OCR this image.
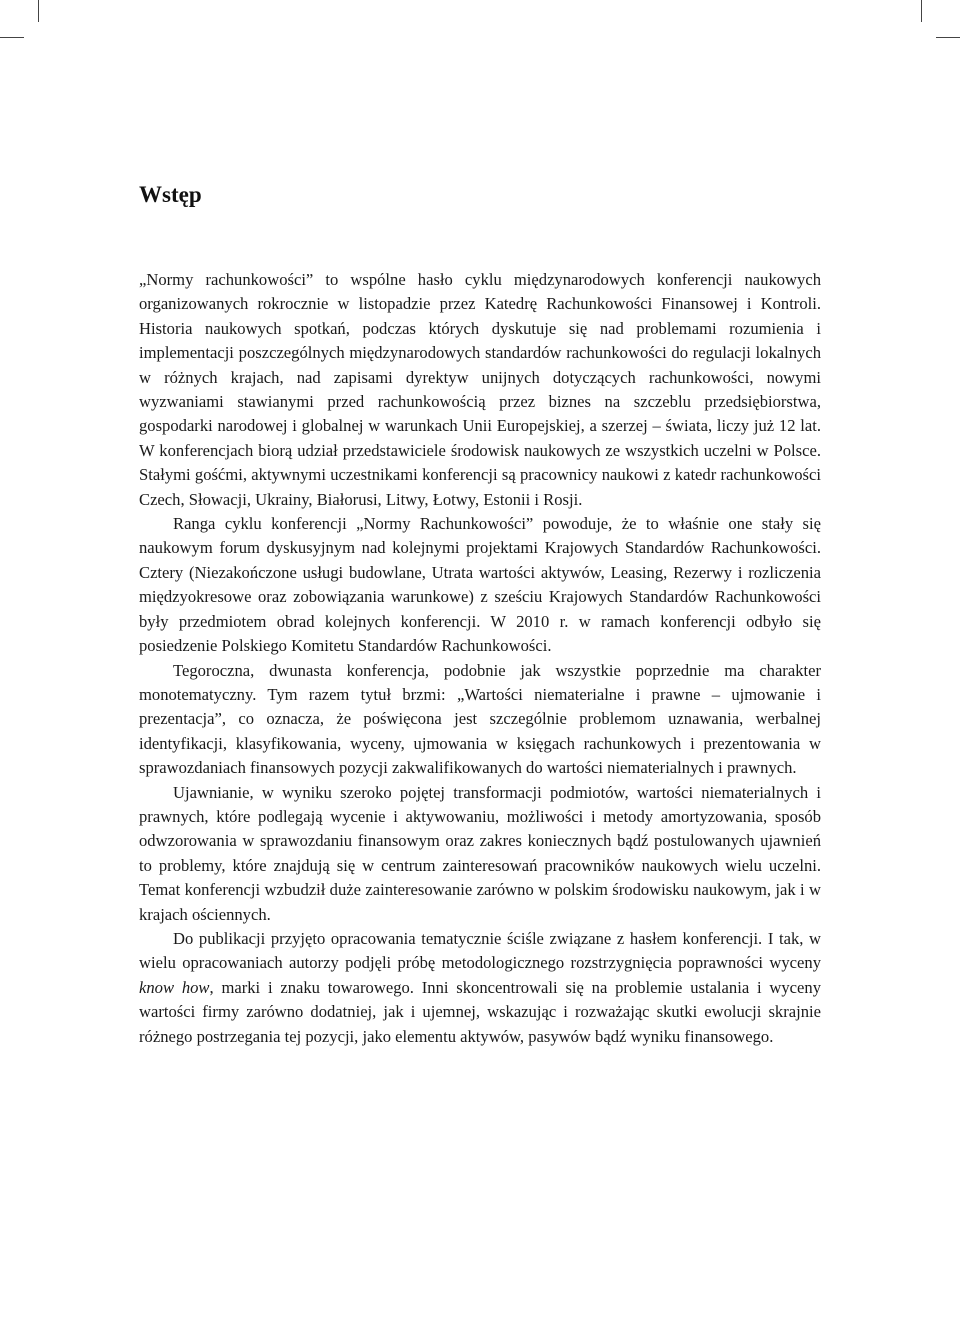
Wstęp

„Normy rachunkowości” to wspólne hasło cyklu międzynarodowych konferencji naukowych organizowanych rokrocznie w listopadzie przez Katedrę Rachunkowości Finansowej i Kontroli. Historia naukowych spotkań, podczas których dyskutuje się nad problemami rozumienia i implementacji poszczególnych międzynarodowych standardów rachunkowości do regulacji lokalnych w różnych krajach, nad zapisami dyrektyw unijnych dotyczących rachunkowości, nowymi wyzwaniami stawianymi przed rachunkowością przez biznes na szczeblu przedsiębiorstwa, gospodarki narodowej i globalnej w warunkach Unii Europejskiej, a szerzej – świata, liczy już 12 lat. W konferencjach biorą udział przedstawiciele środowisk naukowych ze wszystkich uczelni w Polsce. Stałymi gośćmi, aktywnymi uczestnikami konferencji są pracownicy naukowi z katedr rachunkowości Czech, Słowacji, Ukrainy, Białorusi, Litwy, Łotwy, Estonii i Rosji.

Ranga cyklu konferencji „Normy Rachunkowości” powoduje, że to właśnie one stały się naukowym forum dyskusyjnym nad kolejnymi projektami Krajowych Standardów Rachunkowości. Cztery (Niezakończone usługi budowlane, Utrata wartości aktywów, Leasing, Rezerwy i rozliczenia międzyokresowe oraz zobowiązania warunkowe) z sześciu Krajowych Standardów Rachunkowości były przedmiotem obrad kolejnych konferencji. W 2010 r. w ramach konferencji odbyło się posiedzenie Polskiego Komitetu Standardów Rachunkowości.

Tegoroczna, dwunasta konferencja, podobnie jak wszystkie poprzednie ma charakter monotematyczny. Tym razem tytuł brzmi: „Wartości niematerialne i prawne – ujmowanie i prezentacja”, co oznacza, że poświęcona jest szczególnie problemom uznawania, werbalnej identyfikacji, klasyfikowania, wyceny, ujmowania w księgach rachunkowych i prezentowania w sprawozdaniach finansowych pozycji zakwalifikowanych do wartości niematerialnych i prawnych.

Ujawnianie, w wyniku szeroko pojętej transformacji podmiotów, wartości niematerialnych i prawnych, które podlegają wycenie i aktywowaniu, możliwości i metody amortyzowania, sposób odwzorowania w sprawozdaniu finansowym oraz zakres koniecznych bądź postulowanych ujawnień to problemy, które znajdują się w centrum zainteresowań pracowników naukowych wielu uczelni. Temat konferencji wzbudził duże zainteresowanie zarówno w polskim środowisku naukowym, jak i w krajach ościennych.

Do publikacji przyjęto opracowania tematycznie ściśle związane z hasłem konferencji. I tak, w wielu opracowaniach autorzy podjęli próbę metodologicznego rozstrzygnięcia poprawności wyceny know how, marki i znaku towarowego. Inni skoncentrowali się na problemie ustalania i wyceny wartości firmy zarówno dodatniej, jak i ujemnej, wskazując i rozważając skutki ewolucji skrajnie różnego postrzegania tej pozycji, jako elementu aktywów, pasywów bądź wyniku finansowego.
